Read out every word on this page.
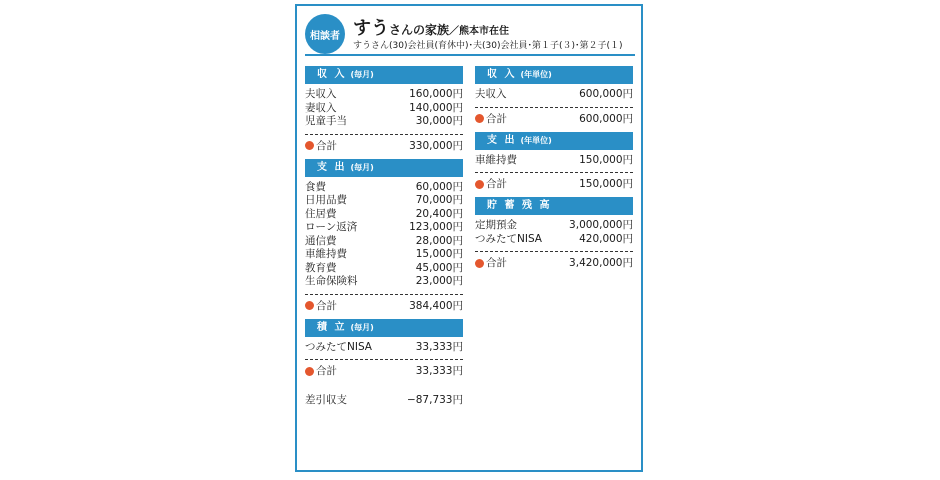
相談者 すうさんの家族／熊本市在住
すうさん(30)会社員(育休中)･夫(30)会社員･第１子(３)･第２子(１)
収 入 (毎月)
夫収入	160,000円
妻収入	140,000円
児童手当	30,000円
合計	330,000円
支 出 (毎月)
食費	60,000円
日用品費	70,000円
住居費	20,400円
ローン返済	123,000円
通信費	28,000円
車維持費	15,000円
教育費	45,000円
生命保険料	23,000円
合計	384,400円
積 立 (毎月)
つみたてNISA	33,333円
合計	33,333円
差引収支	−87,733円
収 入 (年単位)
夫収入	600,000円
合計	600,000円
支 出 (年単位)
車維持費	150,000円
合計	150,000円
貯 蓄 残 高
定期預金	3,000,000円
つみたてNISA	420,000円
合計	3,420,000円
